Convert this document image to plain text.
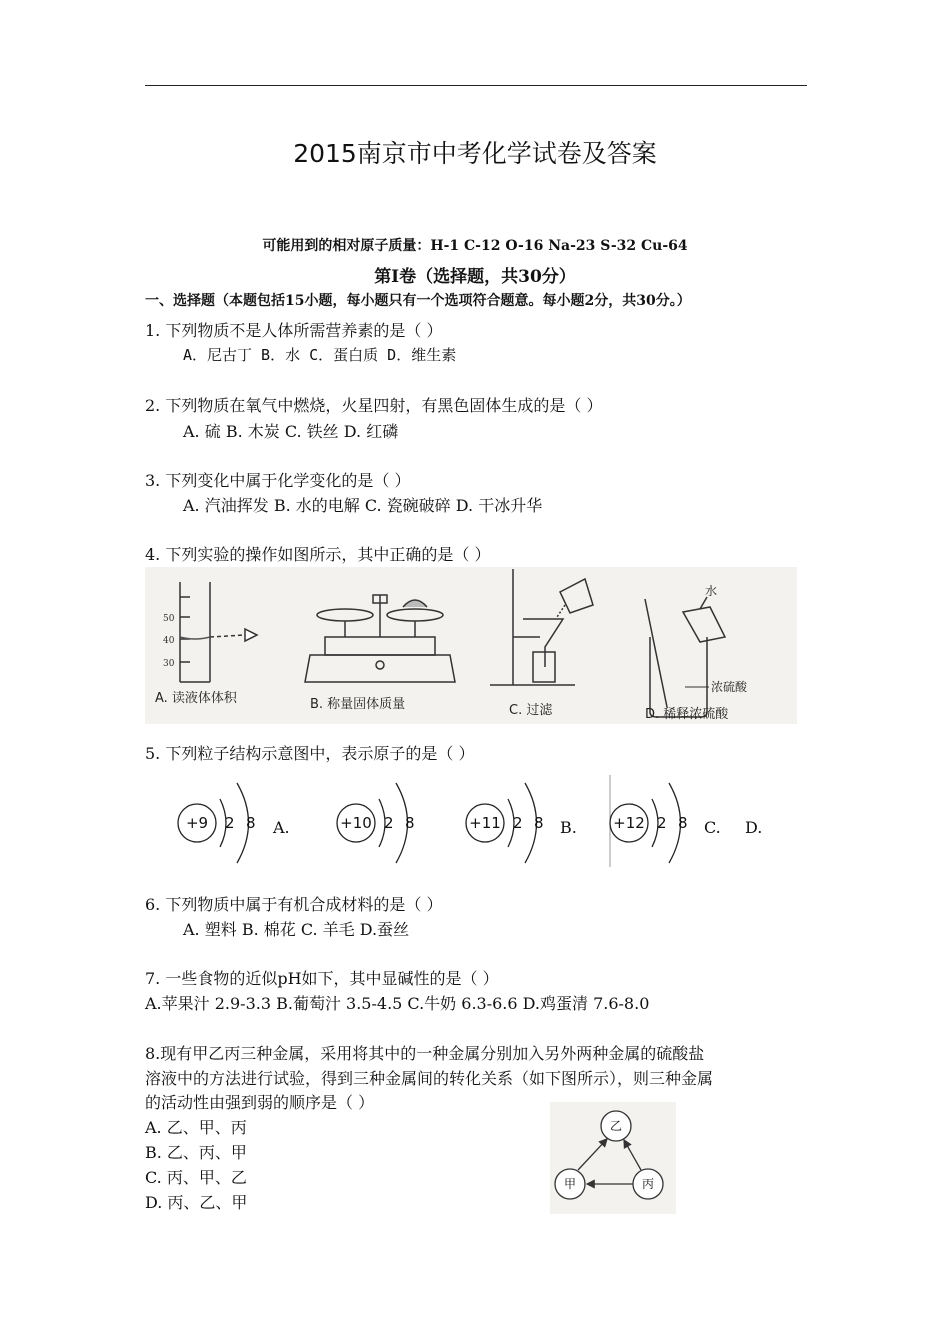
2015南京市中考化学试卷及答案
可能用到的相对原子质量：H-1 C-12 O-16 Na-23 S-32 Cu-64
第Ⅰ卷（选择题，共30分）
一、选择题（本题包括15小题，每小题只有一个选项符合题意。每小题2分，共30分。）
1. 下列物质不是人体所需营养素的是（ ）
A．尼古丁 B．水 C．蛋白质 D．维生素
2. 下列物质在氧气中燃烧，火星四射，有黑色固体生成的是（ ）
A. 硫 B. 木炭 C. 铁丝 D. 红磷
3. 下列变化中属于化学变化的是（ ）
A. 汽油挥发 B. 水的电解 C. 瓷碗破碎 D. 干冰升华
4. 下列实验的操作如图所示，其中正确的是（ ）
50
40
30
水
浓硫酸
A. 读液体体积	B. 称量固体质量	C. 过滤	D. 稀释浓硫酸
5. 下列粒子结构示意图中，表示原子的是（ ）
+9 2 8	+10 2 8	+11 2 8	+12 2 8
A.	B.	C. D.
6. 下列物质中属于有机合成材料的是（ ）
A. 塑料 B. 棉花 C. 羊毛 D.蚕丝
7. 一些食物的近似pH如下，其中显碱性的是（ ）
A.苹果汁 2.9-3.3 B.葡萄汁 3.5-4.5 C.牛奶 6.3-6.6 D.鸡蛋清 7.6-8.0
8.现有甲乙丙三种金属，采用将其中的一种金属分别加入另外两种金属的硫酸盐
溶液中的方法进行试验，得到三种金属间的转化关系（如下图所示），则三种金属
的活动性由强到弱的顺序是（ ）
A. 乙、甲、丙
B. 乙、丙、甲
C. 丙、甲、乙
D. 丙、乙、甲
乙
甲	丙
